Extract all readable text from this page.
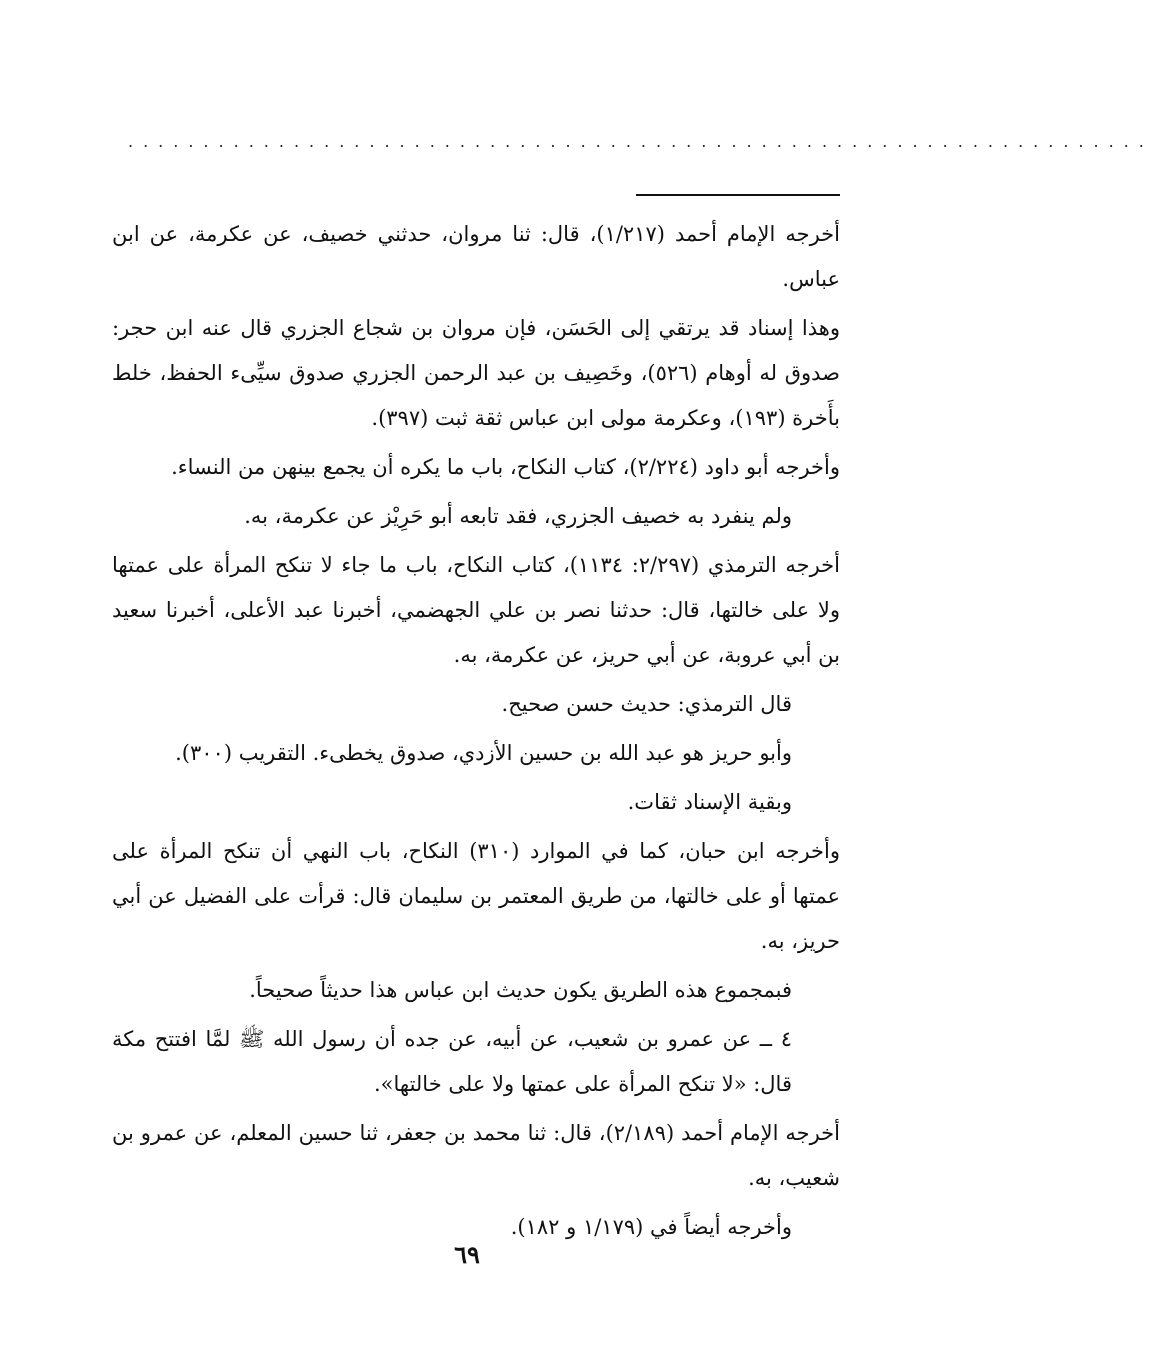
....................................................................

أخرجه الإمام أحمد (١/٢١٧)، قال: ثنا مروان، حدثني خصيف، عن عكرمة، عن ابن عباس.

وهذا إسناد قد يرتقي إلى الحَسَن، فإن مروان بن شجاع الجزري قال عنه ابن حجر: صدوق له أوهام (٥٢٦)، وخَصِيف بن عبد الرحمن الجزري صدوق سيِّىء الحفظ، خلط بأَخرة (١٩٣)، وعكرمة مولى ابن عباس ثقة ثبت (٣٩٧).

وأخرجه أبو داود (٢/٢٢٤)، كتاب النكاح، باب ما يكره أن يجمع بينهن من النساء.

ولم ينفرد به خصيف الجزري، فقد تابعه أبو حَرِيْز عن عكرمة، به.

أخرجه الترمذي (٢/٢٩٧: ١١٣٤)، كتاب النكاح، باب ما جاء لا تنكح المرأة على عمتها ولا على خالتها، قال: حدثنا نصر بن علي الجهضمي، أخبرنا عبد الأعلى، أخبرنا سعيد بن أبي عروبة، عن أبي حريز، عن عكرمة، به.

قال الترمذي: حديث حسن صحيح.

وأبو حريز هو عبد الله بن حسين الأزدي، صدوق يخطىء. التقريب (٣٠٠).

وبقية الإسناد ثقات.

وأخرجه ابن حبان، كما في الموارد (٣١٠) النكاح، باب النهي أن تنكح المرأة على عمتها أو على خالتها، من طريق المعتمر بن سليمان قال: قرأت على الفضيل عن أبي حريز، به.

فبمجموع هذه الطريق يكون حديث ابن عباس هذا حديثاً صحيحاً.

٤ ــ عن عمرو بن شعيب، عن أبيه، عن جده أن رسول الله ﷺ لمَّا افتتح مكة قال: «لا تنكح المرأة على عمتها ولا على خالتها».

أخرجه الإمام أحمد (٢/١٨٩)، قال: ثنا محمد بن جعفر، ثنا حسين المعلم، عن عمرو بن شعيب، به.

وأخرجه أيضاً في (١/١٧٩ و ١٨٢).

٦٩
